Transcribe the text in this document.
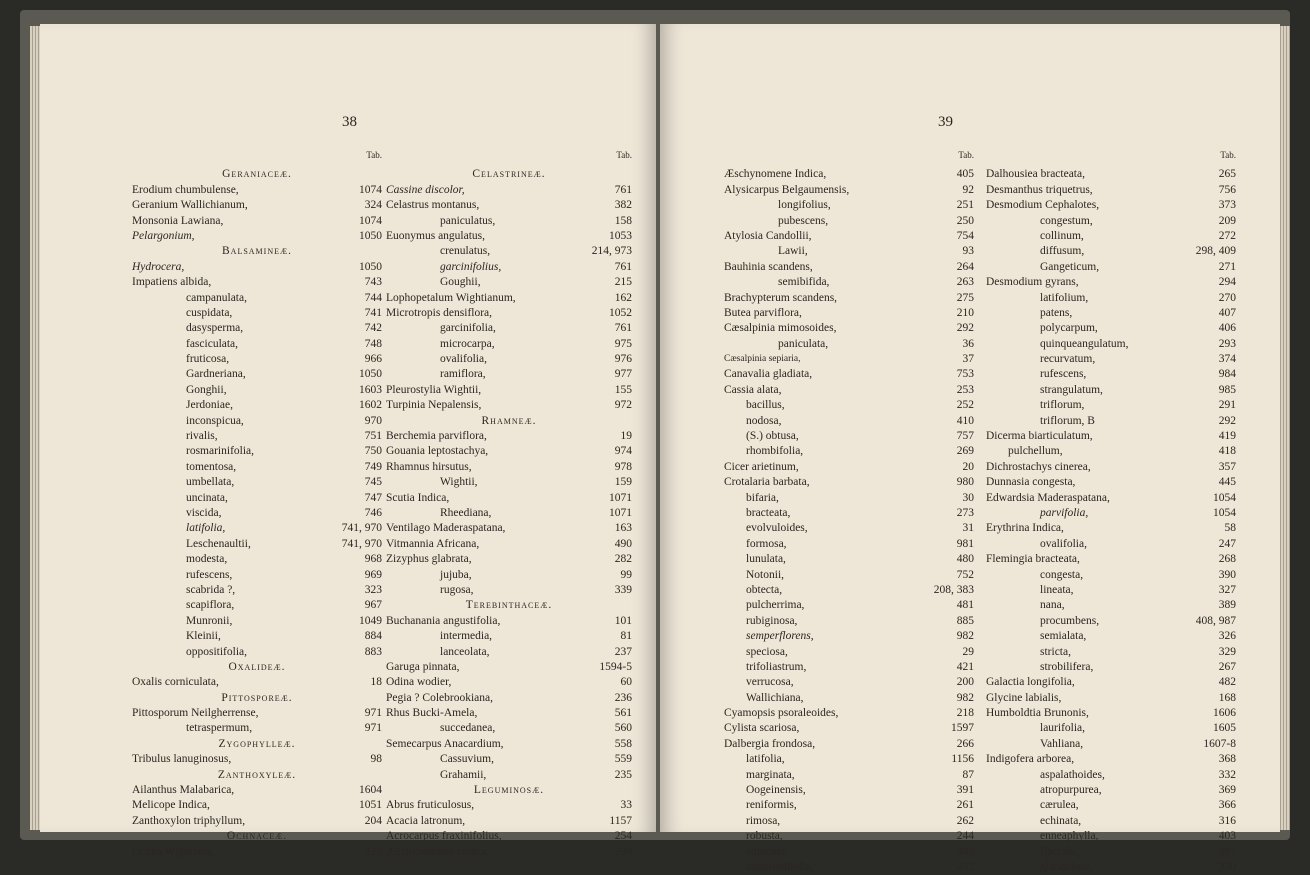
38
Tab.
Geraniaceæ.
Erodium chumbulense,	1074
Geranium Wallichianum,	324
Monsonia Lawiana,	1074
Pelargonium,	1050
Balsamineæ.
Hydrocera,	1050
Impatiens albida,	743
campanulata,	744
cuspidata,	741
dasysperma,	742
fasciculata,	748
fruticosa,	966
Gardneriana,	1050
Gonghii,	1603
Jerdoniae,	1602
inconspicua,	970
rivalis,	751
rosmarinifolia,	750
tomentosa,	749
umbellata,	745
uncinata,	747
viscida,	746
latifolia,	741, 970
Leschenaultii,	741, 970
modesta,	968
rufescens,	969
scabrida ?,	323
scapiflora,	967
Munronii,	1049
Kleinii,	884
oppositifolia,	883
Oxalideæ.
Oxalis corniculata,	18
Pittosporeæ.
Pittosporum Neilgherrense,	971
tetraspermum,	971
Zygophylleæ.
Tribulus lanuginosus,	98
Zanthoxyleæ.
Ailanthus Malabarica,	1604
Melicope Indica,	1051
Zanthoxylon triphyllum,	204
Ochnaceæ.
Ochna Wightiana,	223
Tab.
Celastrineæ.
Cassine discolor,	761
Celastrus montanus,	382
paniculatus,	158
Euonymus angulatus,	1053
crenulatus,	214, 973
garcinifolius,	761
Goughii,	215
Lophopetalum Wightianum,	162
Microtropis densiflora,	1052
garcinifolia,	761
microcarpa,	975
ovalifolia,	976
ramiflora,	977
Pleurostylia Wightii,	155
Turpinia Nepalensis,	972
Rhamneæ.
Berchemia parviflora,	19
Gouania leptostachya,	974
Rhamnus hirsutus,	978
Wightii,	159
Scutia Indica,	1071
Rheediana,	1071
Ventilago Maderaspatana,	163
Vitmannia Africana,	490
Zizyphus glabrata,	282
jujuba,	99
rugosa,	339
Terebinthaceæ.
Buchanania angustifolia,	101
intermedia,	81
lanceolata,	237
Garuga pinnata,	1594-5
Odina wodier,	60
Pegia ? Colebrookiana,	236
Rhus Bucki-Amela,	561
succedanea,	560
Semecarpus Anacardium,	558
Cassuvium,	559
Grahamii,	235
Leguminosæ.
Abrus fruticulosus,	33
Acacia latronum,	1157
Acrocarpus fraxinifolius,	254
Æschynomene aspera,	299
39
Tab.
Æschynomene Indica,	405
Alysicarpus Belgaumensis,	92
longifolius,	251
pubescens,	250
Atylosia Candollii,	754
Lawii,	93
Bauhinia scandens,	264
semibifida,	263
Brachypterum scandens,	275
Butea parviflora,	210
Cæsalpinia mimosoides,	292
paniculata,	36
Cæsalpinia sepiaria,	37
Canavalia gladiata,	753
Cassia alata,	253
bacillus,	252
nodosa,	410
(S.) obtusa,	757
rhombifolia,	269
Cicer arietinum,	20
Crotalaria barbata,	980
bifaria,	30
bracteata,	273
evolvuloides,	31
formosa,	981
lunulata,	480
Notonii,	752
obtecta,	208, 383
pulcherrima,	481
rubiginosa,	885
semperflorens,	982
speciosa,	29
trifoliastrum,	421
verrucosa,	200
Wallichiana,	982
Cyamopsis psoraleoides,	218
Cylista scariosa,	1597
Dalbergia frondosa,	266
latifolia,	1156
marginata,	87
Oogeinensis,	391
reniformis,	261
rimosa,	262
robusta,	244
stipulata,	243
tamarindifolia,	242
Tab.
Dalhousiea bracteata,	265
Desmanthus triquetrus,	756
Desmodium Cephalotes,	373
congestum,	209
collinum,	272
diffusum,	298, 409
Gangeticum,	271
Desmodium gyrans,	294
latifolium,	270
patens,	407
polycarpum,	406
quinqueangulatum,	293
recurvatum,	374
rufescens,	984
strangulatum,	985
triflorum,	291
triflorum, B	292
Dicerma biarticulatum,	419
pulchellum,	418
Dichrostachys cinerea,	357
Dunnasia congesta,	445
Edwardsia Maderaspatana,	1054
parvifolia,	1054
Erythrina Indica,	58
ovalifolia,	247
Flemingia bracteata,	268
congesta,	390
lineata,	327
nana,	389
procumbens,	408, 987
semialata,	326
stricta,	329
strobilifera,	267
Galactia longifolia,	482
Glycine labialis,	168
Humboldtia Brunonis,	1606
laurifolia,	1605
Vahliana,	1607-8
Indigofera arborea,	368
aspalathoides,	332
atropurpurea,	369
cærulea,	366
echinata,	316
enneaphylla,	403
flaccida,	387
glandulosa,	330
